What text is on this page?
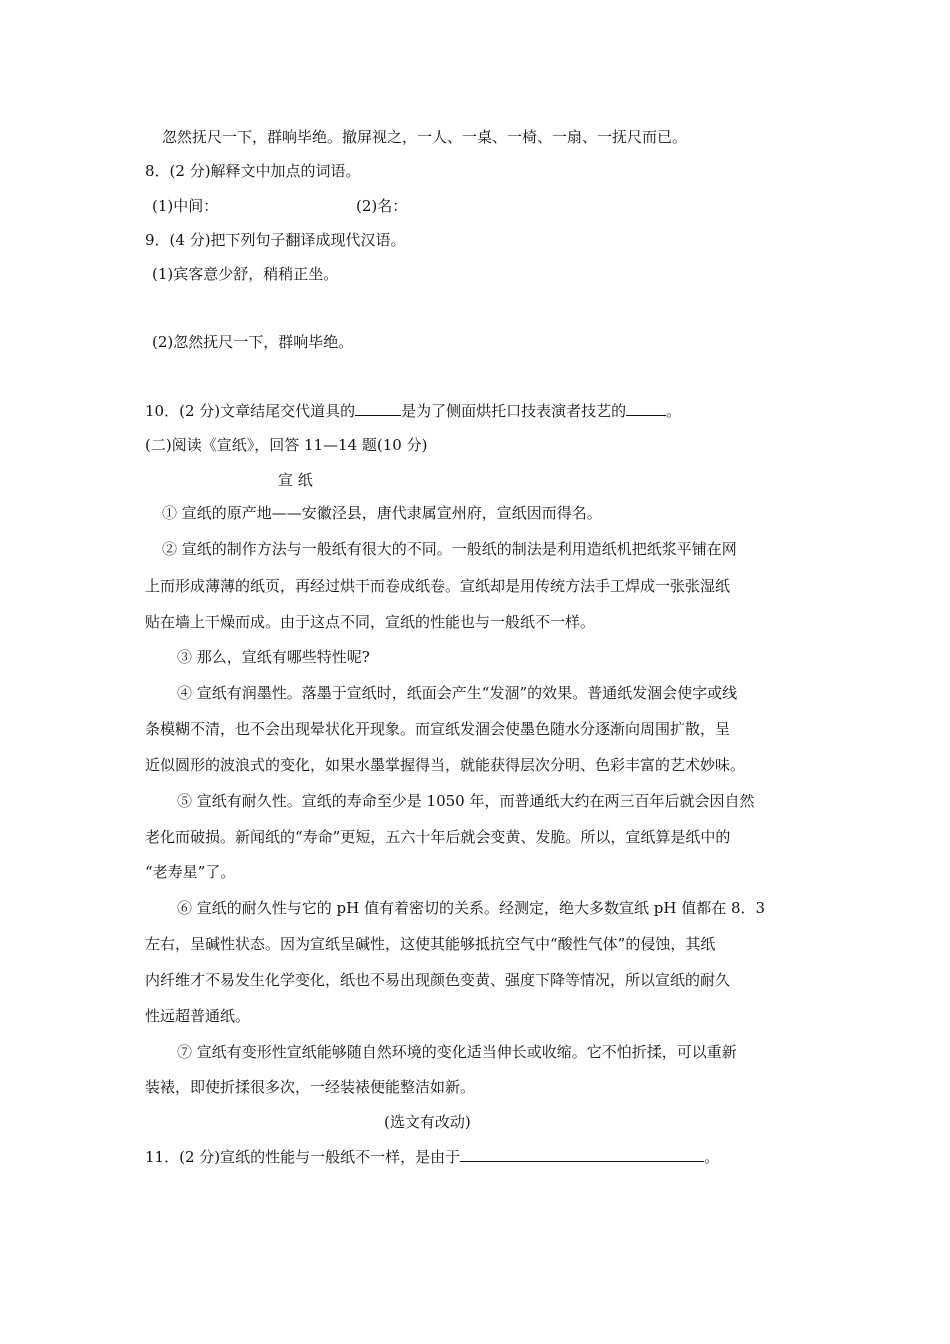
忽然抚尺一下，群响毕绝。撤屏视之，一人、一桌、一椅、一扇、一抚尺而已。
8．(2 分)解释文中加点的词语。
(1)中间：	(2)名：
9．(4 分)把下列句子翻译成现代汉语。
(1)宾客意少舒，稍稍正坐。
(2)忽然抚尺一下，群响毕绝。
10．(2 分)文章结尾交代道具的	是为了侧面烘托口技表演者技艺的	。
(二)阅读《宣纸》，回答 11—14 题(10 分)
宣 纸
① 宣纸的原产地——安徽泾县，唐代隶属宣州府，宣纸因而得名。
② 宣纸的制作方法与一般纸有很大的不同。一般纸的制法是利用造纸机把纸浆平铺在网
上而形成薄薄的纸页，再经过烘干而卷成纸卷。宣纸却是用传统方法手工焊成一张张湿纸
贴在墙上干燥而成。由于这点不同，宣纸的性能也与一般纸不一样。
③ 那么，宣纸有哪些特性呢?
④ 宣纸有润墨性。落墨于宣纸时，纸面会产生“发涸”的效果。普通纸发涸会使字或线
条模糊不清，也不会出现晕状化开现象。而宣纸发涸会使墨色随水分逐渐向周围扩散，呈
近似圆形的波浪式的变化，如果水墨掌握得当，就能获得层次分明、色彩丰富的艺术妙味。
⑤ 宣纸有耐久性。宣纸的寿命至少是 1050 年，而普通纸大约在两三百年后就会因自然
老化而破损。新闻纸的“寿命”更短，五六十年后就会变黄、发脆。所以，宣纸算是纸中的
“老寿星”了。
⑥ 宣纸的耐久性与它的 pH 值有着密切的关系。经测定，绝大多数宣纸 pH 值都在 8．3
左右，呈碱性状态。因为宣纸呈碱性，这使其能够抵抗空气中“酸性气体”的侵蚀，其纸
内纤维才不易发生化学变化，纸也不易出现颜色变黄、强度下降等情况，所以宣纸的耐久
性远超普通纸。
⑦ 宣纸有变形性宣纸能够随自然环境的变化适当伸长或收缩。它不怕折揉，可以重新
装裱，即使折揉很多次，一经装裱便能整洁如新。
(选文有改动)
11．(2 分)宣纸的性能与一般纸不一样，是由于	。
